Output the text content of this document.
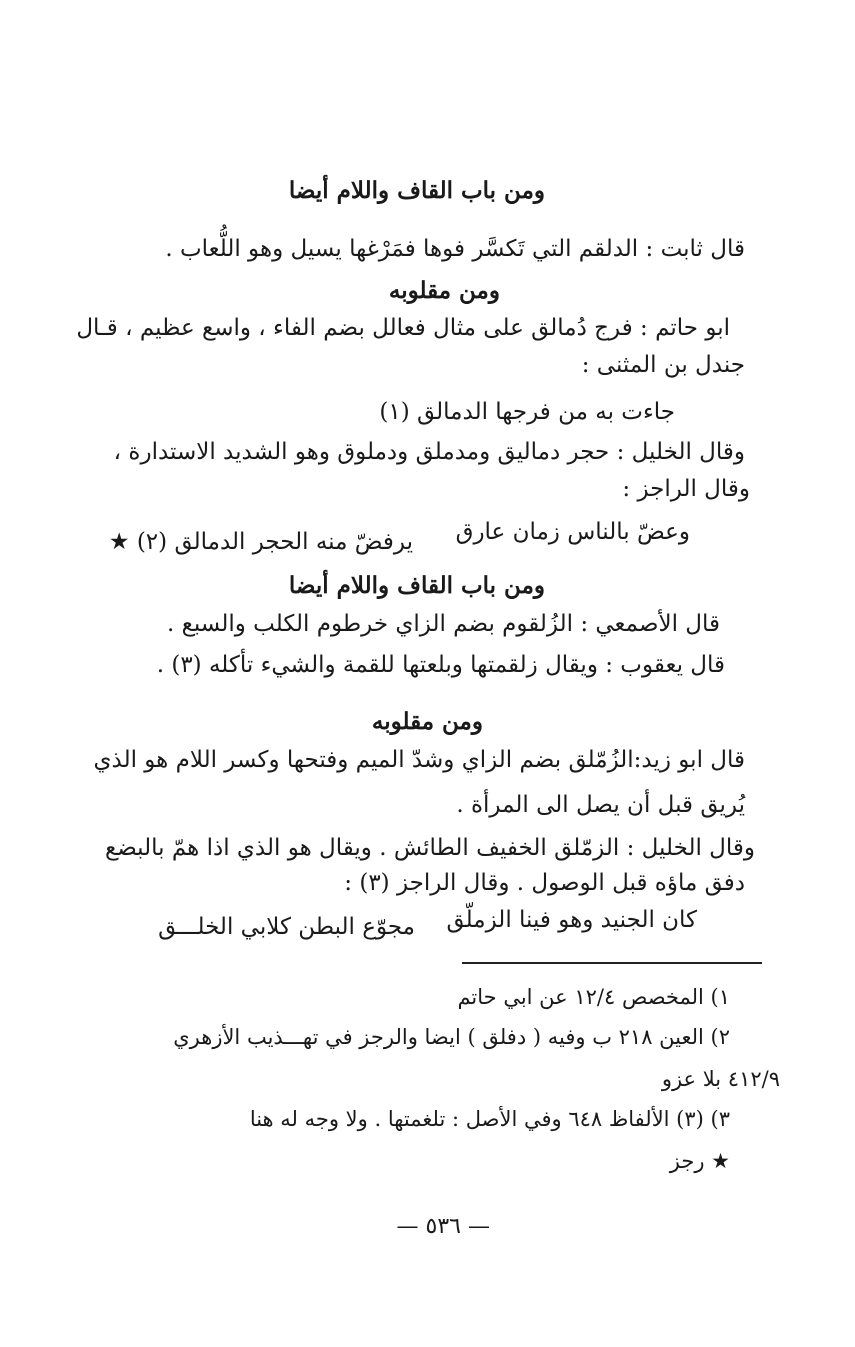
ومن باب القاف واللام أيضا
قال ثابت : الدلقم التي تَكسَّر فوها فمَرْغها يسيل وهو اللُّعاب .
ومن مقلوبه
ابو حاتم : فرج دُمالق على مثال فعالل بضم الفاء ، واسع عظيم ، قـال
جندل بن المثنى :
جاءت به من فرجها الدمالق (١)
وقال الخليل : حجر دماليق ومدملق ودملوق وهو الشديد الاستدارة ،
وقال الراجز :
وعضّ بالناس زمان عارق
يرفضّ منه الحجر الدمالق (٢) ★
ومن باب القاف واللام أيضا
قال الأصمعي : الزُلقوم بضم الزاي خرطوم الكلب والسبع .
قال يعقوب : ويقال زلقمتها وبلعتها للقمة والشيء تأكله (٣) .
ومن مقلوبه
قال ابو زيد:الزُمّلق بضم الزاي وشدّ الميم وفتحها وكسر اللام هو الذي
يُريق قبل أن يصل الى المرأة .
وقال الخليل : الزمّلق الخفيف الطائش . ويقال هو الذي اذا همّ بالبضع
دفق ماؤه قبل الوصول . وقال الراجز (٣) :
كان الجنيد وهو فينا الزملّق
مجوّع البطن كلابي الخلـــق
١) المخصص ١٢/٤ عن ابي حاتم
٢) العين ٢١٨ ب وفيه ( دفلق ) ايضا والرجز في تهـــذيب الأزهري
٤١٢/٩ بلا عزو
٣) (٣) الألفاظ ٦٤٨ وفي الأصل : تلغمتها . ولا وجه له هنا
★ رجز
— ٥٣٦ —
